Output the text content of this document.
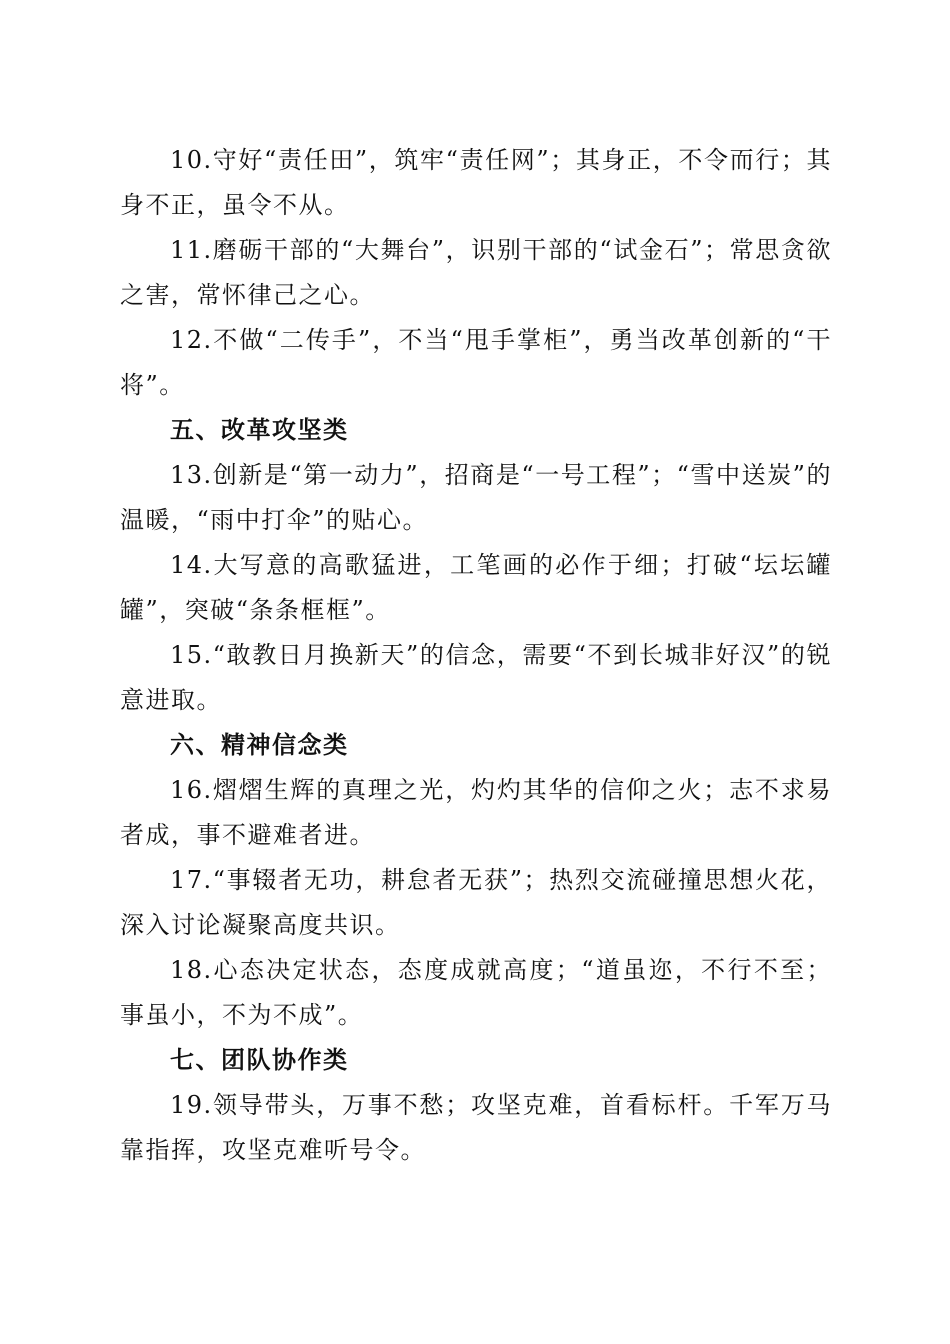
10.守好“责任田”，筑牢“责任网”；其身正，不令而行；其身不正，虽令不从。

11.磨砺干部的“大舞台”，识别干部的“试金石”；常思贪欲之害，常怀律己之心。

12.不做“二传手”，不当“甩手掌柜”，勇当改革创新的“干将”。

五、改革攻坚类

13.创新是“第一动力”，招商是“一号工程”；“雪中送炭”的温暖，“雨中打伞”的贴心。

14.大写意的高歌猛进，工笔画的必作于细；打破“坛坛罐罐”，突破“条条框框”。

15.“敢教日月换新天”的信念，需要“不到长城非好汉”的锐意进取。

六、精神信念类

16.熠熠生辉的真理之光，灼灼其华的信仰之火；志不求易者成，事不避难者进。

17.“事辍者无功，耕怠者无获”；热烈交流碰撞思想火花，深入讨论凝聚高度共识。

18.心态决定状态，态度成就高度；“道虽迩，不行不至；事虽小，不为不成”。

七、团队协作类

19.领导带头，万事不愁；攻坚克难，首看标杆。千军万马靠指挥，攻坚克难听号令。
